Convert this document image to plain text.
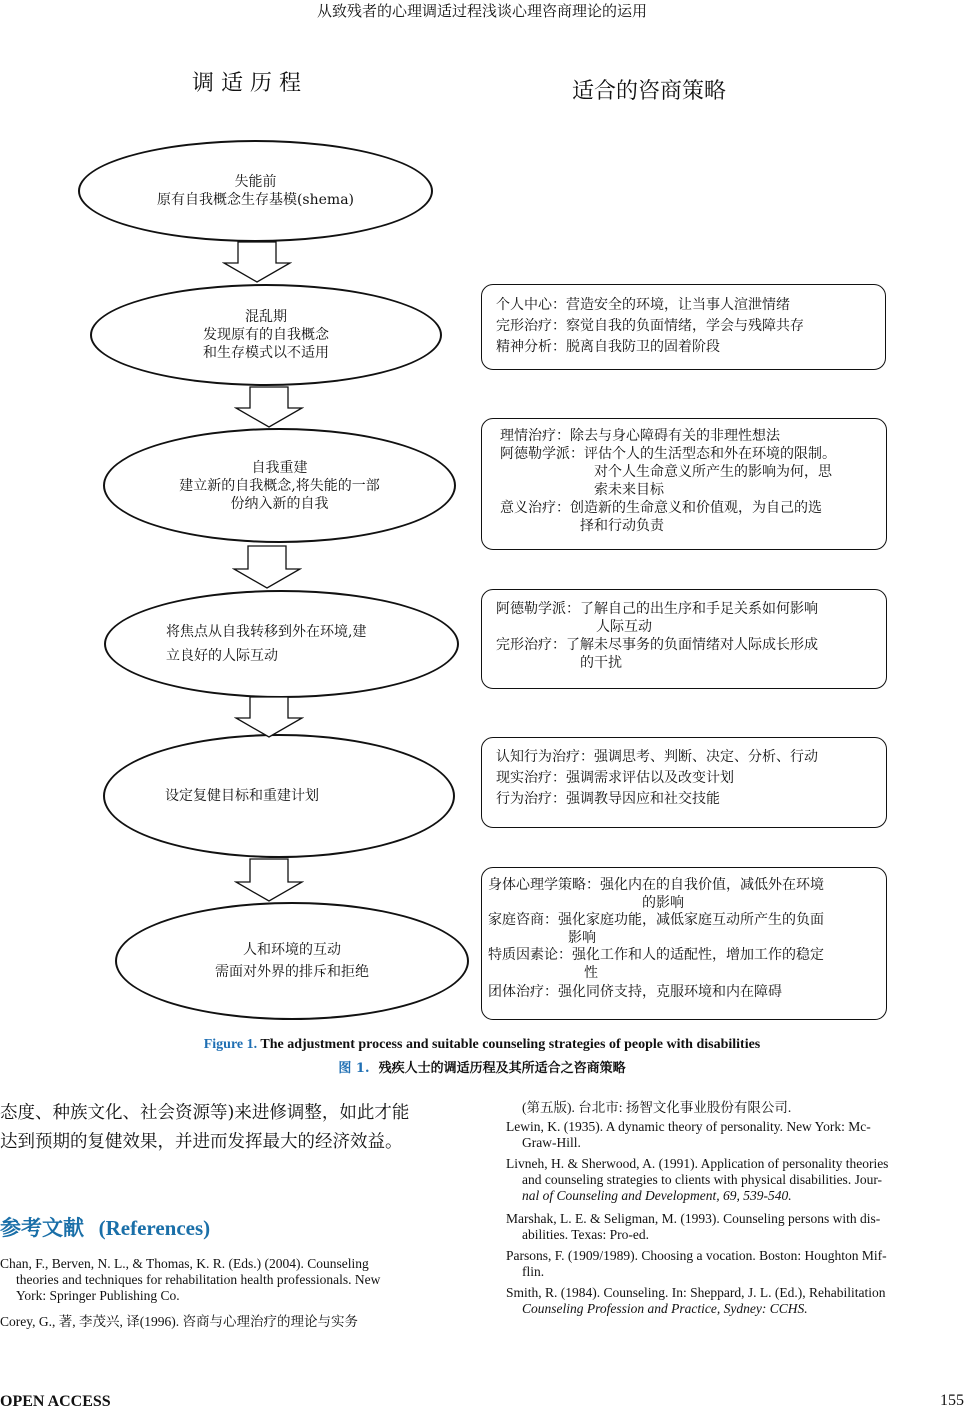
从致残者的心理调适过程浅谈心理咨商理论的运用
调 适 历 程	适合的咨商策略
失能前
原有自我概念生存基模(shema)
混乱期
发现原有的自我概念
和生存模式以不适用
自我重建
建立新的自我概念,将失能的一部
份纳入新的自我
将焦点从自我转移到外在环境,建
立良好的人际互动
设定复健目标和重建计划
人和环境的互动
需面对外界的排斥和拒绝
个人中心：营造安全的环境，让当事人渲泄情绪
完形治疗：察觉自我的负面情绪，学会与残障共存
精神分析：脱离自我防卫的固着阶段
理情治疗：除去与身心障碍有关的非理性想法
阿德勒学派：评估个人的生活型态和外在环境的限制。
对个人生命意义所产生的影响为何，思
索未来目标
意义治疗：创造新的生命意义和价值观，为自己的选
择和行动负责
阿德勒学派：了解自己的出生序和手足关系如何影响
人际互动
完形治疗：了解未尽事务的负面情绪对人际成长形成
的干扰
认知行为治疗：强调思考、判断、决定、分析、行动
现实治疗：强调需求评估以及改变计划
行为治疗：强调教导因应和社交技能
身体心理学策略：强化内在的自我价值，减低外在环境
的影响
家庭咨商：强化家庭功能，减低家庭互动所产生的负面
影响
特质因素论：强化工作和人的适配性，增加工作的稳定
性
团体治疗：强化同侪支持，克服环境和内在障碍
Figure 1. The adjustment process and suitable counseling strategies of people with disabilities
图 1. 残疾人士的调适历程及其所适合之咨商策略
态度、种族文化、社会资源等)来进修调整，如此才能
达到预期的复健效果，并进而发挥最大的经济效益。
参考文献 (References)
Chan, F., Berven, N. L., & Thomas, K. R. (Eds.) (2004). Counseling
theories and techniques for rehabilitation health professionals. New
York: Springer Publishing Co.
Corey, G., 著, 李茂兴, 译(1996). 咨商与心理治疗的理论与实务
(第五版). 台北市: 扬智文化事业股份有限公司.
Lewin, K. (1935). A dynamic theory of personality. New York: Mc-
Graw-Hill.
Livneh, H. & Sherwood, A. (1991). Application of personality theories
and counseling strategies to clients with physical disabilities. Jour-
nal of Counseling and Development, 69, 539-540.
Marshak, L. E. & Seligman, M. (1993). Counseling persons with dis-
abilities. Texas: Pro-ed.
Parsons, F. (1909/1989). Choosing a vocation. Boston: Houghton Mif-
flin.
Smith, R. (1984). Counseling. In: Sheppard, J. L. (Ed.), Rehabilitation
Counseling Profession and Practice, Sydney: CCHS.
OPEN ACCESS	155
